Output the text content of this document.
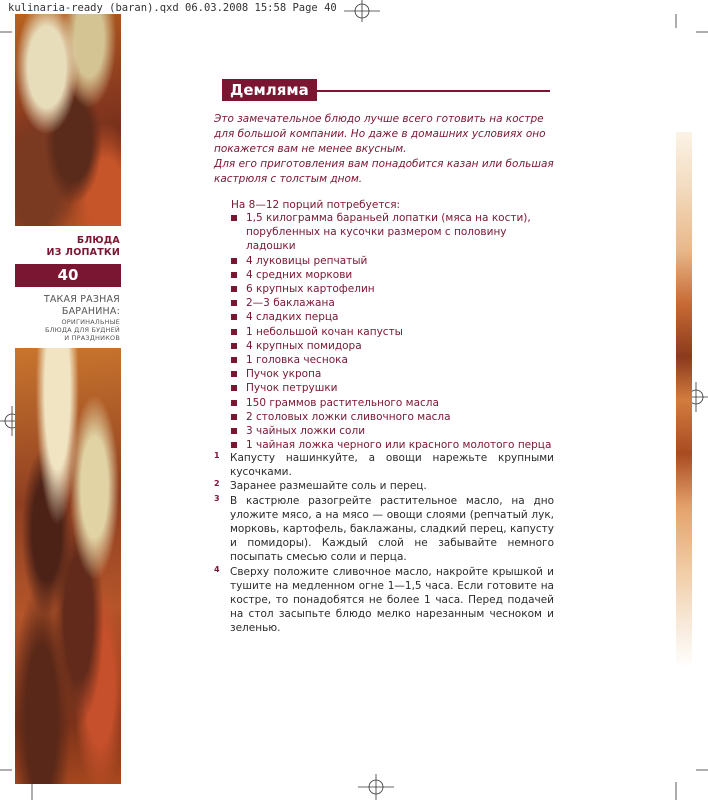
kulinaria-ready (baran).qxd 06.03.2008 15:58 Page 40
БЛЮДА
ИЗ ЛОПАТКИ
40
ТАКАЯ РАЗНАЯ
БАРАНИНА:
ОРИГИНАЛЬНЫЕ
БЛЮДА ДЛЯ БУДНЕЙ
И ПРАЗДНИКОВ
Демляма

Это замечательное блюдо лучше всего готовить на костре для большой компании. Но даже в домашних условиях оно покажется вам не менее вкусным.

Для его приготовления вам понадобится казан или большая кастрюля с толстым дном.

На 8—12 порций потребуется:
1,5 килограмма бараньей лопатки (мяса на кости), порубленных на кусочки размером с половину ладошки
4 луковицы репчатый
4 средних моркови
6 крупных картофелин
2—3 баклажана
4 сладких перца
1 небольшой кочан капусты
4 крупных помидора
1 головка чеснока
Пучок укропа
Пучок петрушки
150 граммов растительного масла
2 столовых ложки сливочного масла
3 чайных ложки соли
1 чайная ложка черного или красного молотого перца
1 Капусту нашинкуйте, а овощи нарежьте крупными кусочками.
2 Заранее размешайте соль и перец.
3 В кастрюле разогрейте растительное масло, на дно уложите мясо, а на мясо — овощи слоями (репчатый лук, морковь, картофель, баклажаны, сладкий перец, капусту и помидоры). Каждый слой не забывайте немного посыпать смесью соли и перца.
4 Сверху положите сливочное масло, накройте крышкой и тушите на медленном огне 1—1,5 часа. Если готовите на костре, то понадобятся не более 1 часа. Перед подачей на стол засыпьте блюдо мелко нарезанным чесноком и зеленью.
